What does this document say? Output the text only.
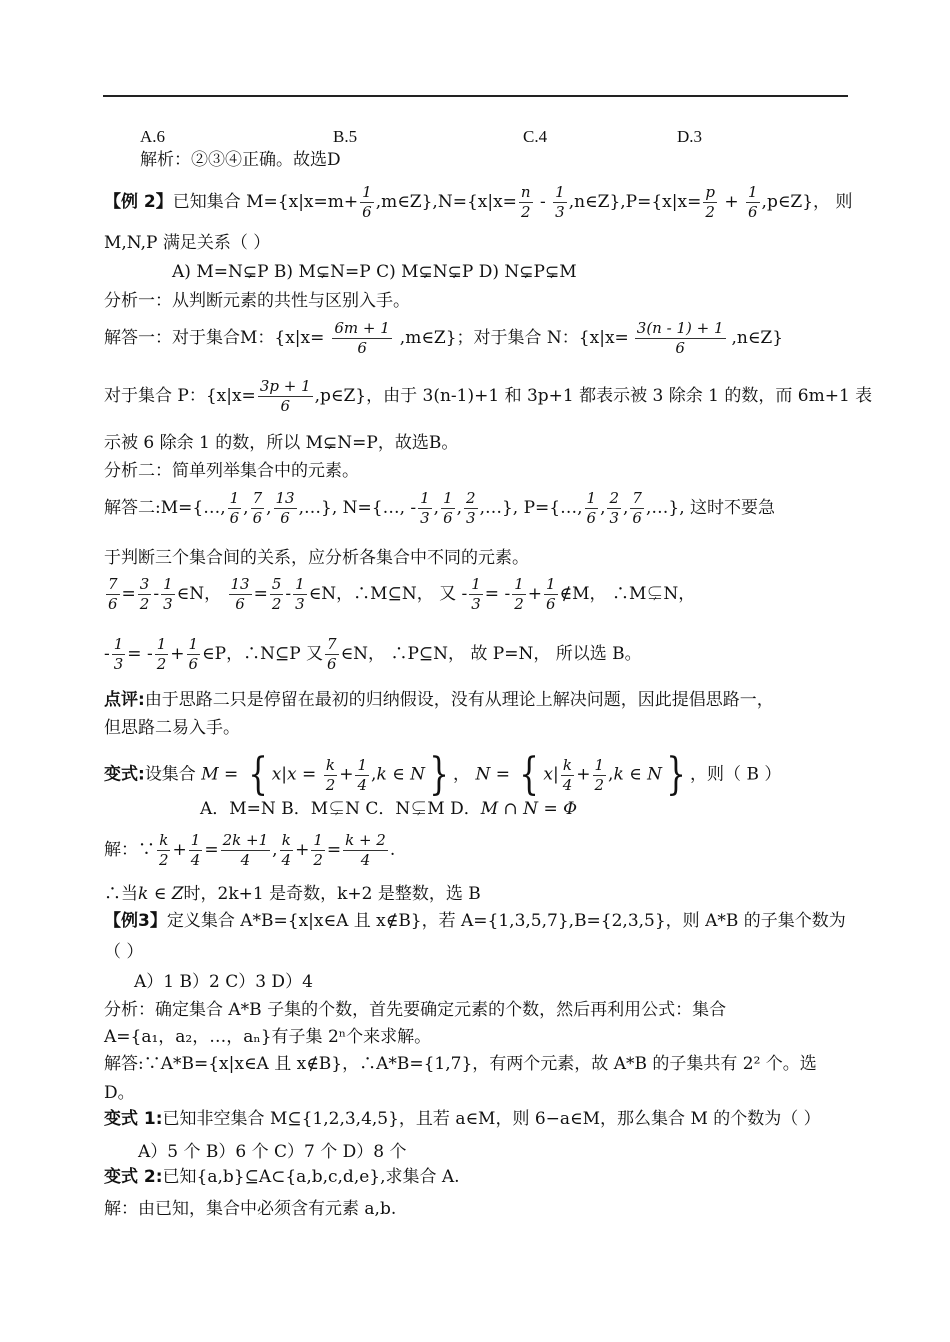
A.6	B.5	C.4	D.3
解析：②③④正确。故选D
【例 2】已知集合 $M=\{x|x=m+ \frac{1}{6}$ ,m∈Z},N={x|x= $\frac{n}{2} - \frac{1}{3}$ ,n∈Z},P={x|x= $\frac{p}{2} + \frac{1}{6}$ ,p∈Z}， 则
M,N,P 满足关系（ ）
A) M=N⊊P B) M⊊N=P C) M⊊N⊊P D) N⊊P⊊M
分析一：从判断元素的共性与区别入手。
解答一：对于集合M：{$x|x= \frac{6m + 1}{6}$ ,m∈Z}；对于集合 N：{$x|x= \frac{3(n - 1) + 1}{6}$ ,n∈Z}
对于集合 P：{$x|x= \frac{3p + 1}{6}$ ,p∈Z}，由于 3(n-1)+1 和 3p+1 都表示被 3 除余 1 的数，而 6m+1 表
示被 6 除余 1 的数，所以 M⊊N=P，故选B。
分析二：简单列举集合中的元素。
解答二:M={…, $\frac{1}{6}$ , $\frac{7}{6}$ , $\frac{13}{6}$ ,…}, N={…, - $\frac{1}{3}$ , $\frac{1}{6}$ , $\frac{2}{3}$ ,…}, P={…, $\frac{1}{6}$ , $\frac{2}{3}$ , $\frac{7}{6}$ ,…}, 这时不要急
于判断三个集合间的关系，应分析各集合中不同的元素。
$\frac{7}{6} = \frac{3}{2} - \frac{1}{3}$ ∈N， $\frac{13}{6} = \frac{5}{2} - \frac{1}{3}$ ∈N，∴M⊆N， 又 - $\frac{1}{3}$ = - $\frac{1}{2} + \frac{1}{6}$ ∉M， ∴M⊊N，
- $\frac{1}{3}$ = - $\frac{1}{2} + \frac{1}{6}$ ∈P，∴N⊆P 又 $\frac{7}{6}$ ∈N， ∴P⊆N， 故 P=N， 所以选 B。
点评:由于思路二只是停留在最初的归纳假设，没有从理论上解决问题，因此提倡思路一，
但思路二易入手。
变式:设集合 M = { $x|x = \frac{k}{2} + \frac{1}{4} ,k$ ∈ N} ， N = { $x| \frac{k}{4} + \frac{1}{2} ,k$ ∈ N} ，则（ B ）
A．M=N B．M⊊N C．N⊊M D．M ∩ N = Φ
解：∵ $\frac{k}{2} + \frac{1}{4} = \frac{2k +1}{4}$ , $\frac{k}{4} + \frac{1}{2} = \frac{k + 2}{4}$ .
∴当k ∈ Z时，2k+1 是奇数，k+2 是整数，选 B
【例3】定义集合 A*B={x|x∈A 且 x∉B}，若 A={1,3,5,7},B={2,3,5}，则 A*B 的子集个数为
（ ）
A）1 B）2 C）3 D）4
分析：确定集合 A*B 子集的个数，首先要确定元素的个数，然后再利用公式：集合
A={a₁，a₂，…，aₙ}有子集 2ⁿ个来求解。
解答:∵A*B={x|x∈A 且 x∉B}，∴A*B={1,7}，有两个元素，故 A*B 的子集共有 2² 个。选
D。
变式 1:已知非空集合 M⊆{1,2,3,4,5}，且若 a∈M，则 6−a∈M，那么集合 M 的个数为（ ）
A）5 个 B）6 个 C）7 个 D）8 个
变式 2:已知{a,b}⊆A⊂{a,b,c,d,e},求集合 A.
解：由已知，集合中必须含有元素 a,b.
